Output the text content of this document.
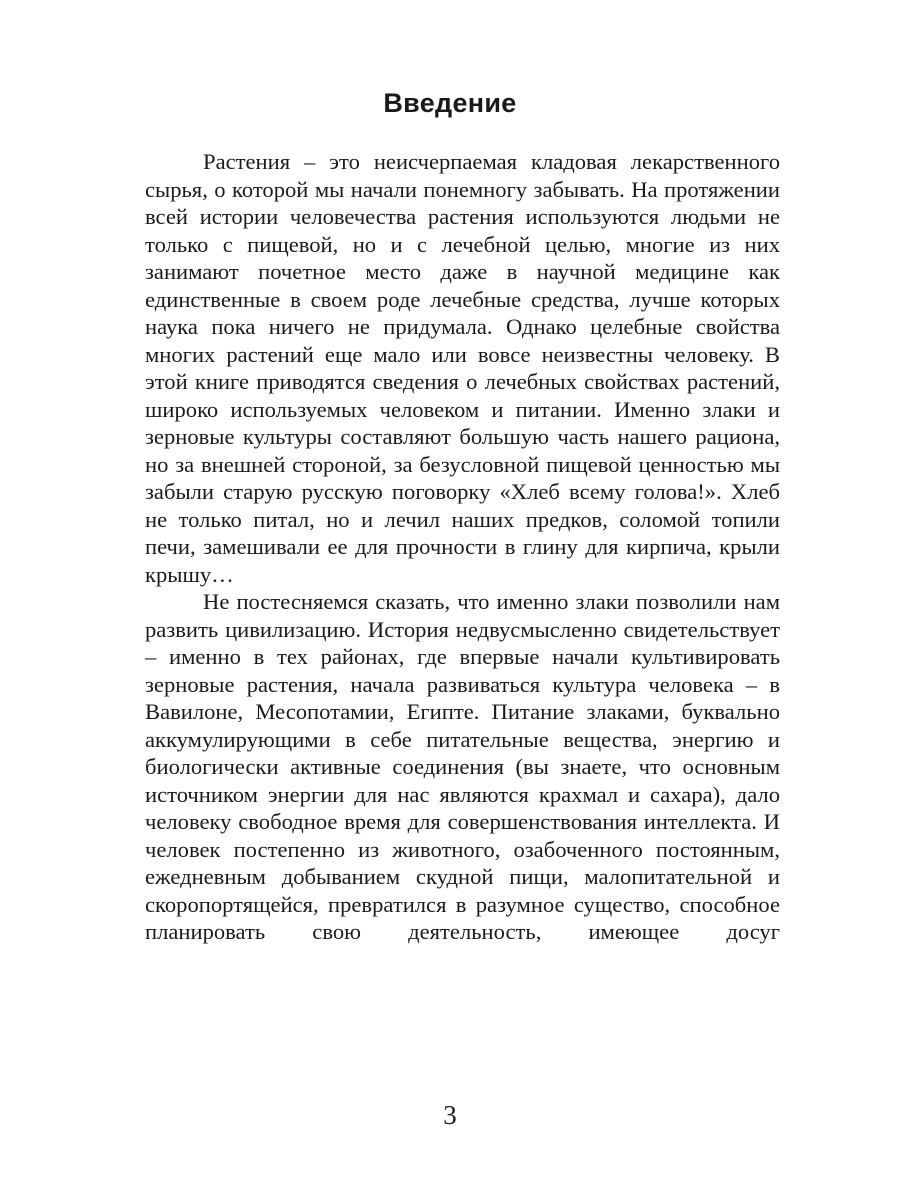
Введение

Растения – это неисчерпаемая кладовая лекарственного сырья, о которой мы начали понемногу забывать. На протяжении всей истории человечества растения используются людьми не только с пищевой, но и с лечебной целью, многие из них занимают почетное место даже в научной медицине как единственные в своем роде лечебные средства, лучше которых наука пока ничего не придумала. Однако целебные свойства многих растений еще мало или вовсе неизвестны человеку. В этой книге приводятся сведения о лечебных свойствах растений, широко используемых человеком и питании. Именно злаки и зерновые культуры составляют большую часть нашего рациона, но за внешней стороной, за безусловной пищевой ценностью мы забыли старую русскую поговорку «Хлеб всему голова!». Хлеб не только питал, но и лечил наших предков, соломой топили печи, замешивали ее для прочности в глину для кирпича, крыли крышу…

Не постесняемся сказать, что именно злаки позволили нам развить цивилизацию. История недвусмысленно свидетельствует – именно в тех районах, где впервые начали культивировать зерновые растения, начала развиваться культура человека – в Вавилоне, Месопотамии, Египте. Питание злаками, буквально аккумулирующими в себе питательные вещества, энергию и биологически активные соединения (вы знаете, что основным источником энергии для нас являются крахмал и сахара), дало человеку свободное время для совершенствования интеллекта. И человек постепенно из животного, озабоченного постоянным, ежедневным добыванием скудной пищи, малопитательной и скоропортящейся, превратился в разумное существо, способное планировать свою деятельность, имеющее досуг

3
